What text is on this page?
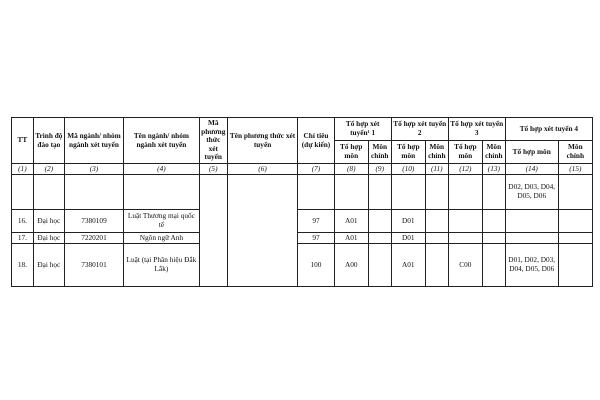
TT	Trình độ đào tạo	Mã ngành/ nhóm ngành xét tuyển	Tên ngành/ nhóm ngành xét tuyển	Mã phương thức xét tuyển	Tên phương thức xét tuyển	Chỉ tiêu (dự kiến)	Tổ hợp xét tuyển¹ 1		Tổ hợp xét tuyển 2		Tổ hợp xét tuyển 3		Tổ hợp xét tuyển 4	
							Tổ hợp môn	Môn chính	Tổ hợp môn	Môn chính	Tổ hợp môn	Môn chính	Tổ hợp môn	Môn chính
(1)	(2)	(3)	(4)	(5)	(6)	(7)	(8)	(9)	(10)	(11)	(12)	(13)	(14)	(15)
													D02, D03, D04, D05, D06	
16.	Đại học	7380109	Luật Thương mại quốc tế			97	A01		D01					
17.	Đại học	7220201	Ngôn ngữ Anh			97	A01		D01					
18.	Đại học	7380101	Luật (tại Phân hiệu Đắk Lắk)			100	A00		A01		C00		D01, D02, D03, D04, D05, D06	
